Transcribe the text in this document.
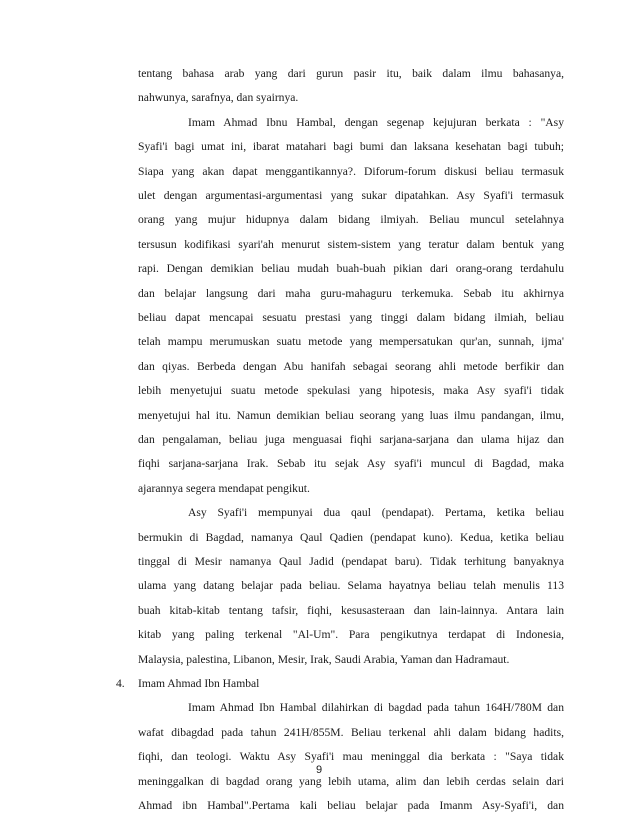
tentang bahasa arab yang dari gurun pasir itu, baik dalam ilmu bahasanya,
nahwunya, sarafnya, dan syairnya.
Imam Ahmad Ibnu Hambal, dengan segenap kejujuran berkata : "Asy
Syafi'i bagi umat ini, ibarat matahari bagi bumi dan laksana kesehatan bagi tubuh;
Siapa yang akan dapat menggantikannya?. Diforum-forum diskusi beliau termasuk
ulet dengan argumentasi-argumentasi yang sukar dipatahkan. Asy Syafi'i termasuk
orang yang mujur hidupnya dalam bidang ilmiyah. Beliau muncul setelahnya
tersusun kodifikasi syari'ah menurut sistem-sistem yang teratur dalam bentuk yang
rapi. Dengan demikian beliau mudah buah-buah pikian dari orang-orang terdahulu
dan belajar langsung dari maha guru-mahaguru terkemuka. Sebab itu akhirnya
beliau dapat mencapai sesuatu prestasi yang tinggi dalam bidang ilmiah, beliau
telah mampu merumuskan suatu metode yang mempersatukan qur'an, sunnah, ijma'
dan qiyas. Berbeda dengan Abu hanifah sebagai seorang ahli metode berfikir dan
lebih menyetujui suatu metode spekulasi yang hipotesis, maka Asy syafi'i tidak
menyetujui hal itu. Namun demikian beliau seorang yang luas ilmu pandangan, ilmu,
dan pengalaman, beliau juga menguasai fiqhi sarjana-sarjana dan ulama hijaz dan
fiqhi sarjana-sarjana Irak. Sebab itu sejak Asy syafi'i muncul di Bagdad, maka
ajarannya segera mendapat pengikut.
Asy Syafi'i mempunyai dua qaul (pendapat). Pertama, ketika beliau
bermukin di Bagdad, namanya Qaul Qadien (pendapat kuno). Kedua, ketika beliau
tinggal di Mesir namanya Qaul Jadid (pendapat baru). Tidak terhitung banyaknya
ulama yang datang belajar pada beliau. Selama hayatnya beliau telah menulis 113
buah kitab-kitab tentang tafsir, fiqhi, kesusasteraan dan lain-lainnya. Antara lain
kitab yang paling terkenal "Al-Um". Para pengikutnya terdapat di Indonesia,
Malaysia, palestina, Libanon, Mesir, Irak, Saudi Arabia, Yaman dan Hadramaut.
4. Imam Ahmad Ibn Hambal
Imam Ahmad Ibn Hambal dilahirkan di bagdad pada tahun 164H/780M dan
wafat dibagdad pada tahun 241H/855M. Beliau terkenal ahli dalam bidang hadits,
fiqhi, dan teologi. Waktu Asy Syafi'i mau meninggal dia berkata : "Saya tidak
meninggalkan di bagdad orang yang lebih utama, alim dan lebih cerdas selain dari
Ahmad ibn Hambal".Pertama kali beliau belajar pada Imanm Asy-Syafi'i, dan
9
